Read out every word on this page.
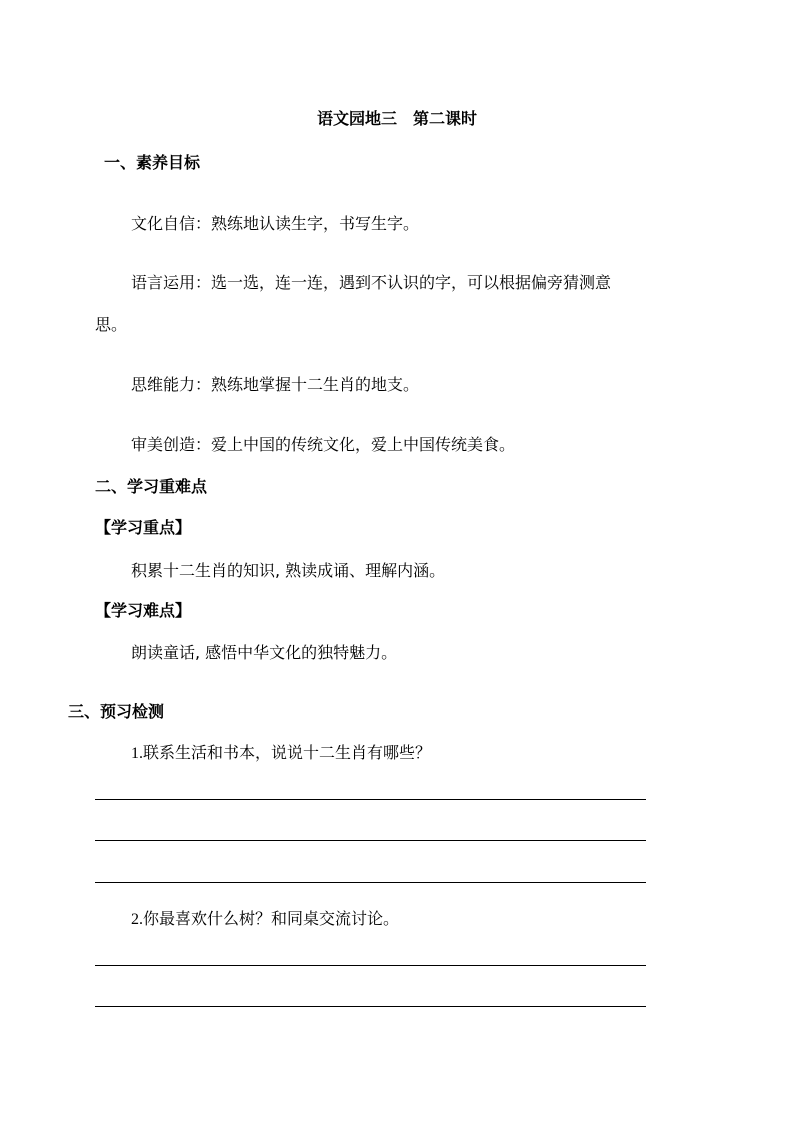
语文园地三　第二课时
一、素养目标
文化自信：熟练地认读生字，书写生字。
语言运用：选一选，连一连，遇到不认识的字，可以根据偏旁猜测意
思。
思维能力：熟练地掌握十二生肖的地支。
审美创造：爱上中国的传统文化，爱上中国传统美食。
二、学习重难点
【学习重点】
积累十二生肖的知识, 熟读成诵、理解内涵。
【学习难点】
朗读童话, 感悟中华文化的独特魅力。
三、预习检测
1.联系生活和书本，说说十二生肖有哪些？
2.你最喜欢什么树？和同桌交流讨论。
